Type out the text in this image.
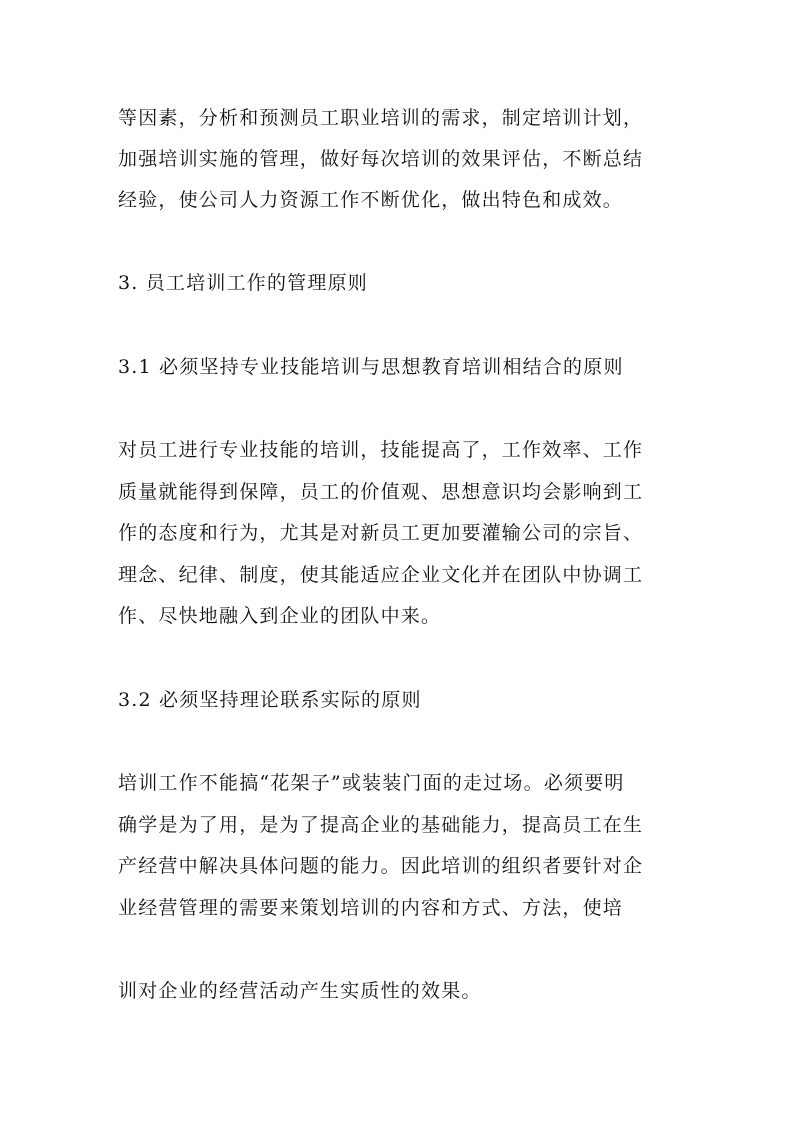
等因素，分析和预测员工职业培训的需求，制定培训计划，
加强培训实施的管理，做好每次培训的效果评估，不断总结
经验，使公司人力资源工作不断优化，做出特色和成效。
3. 员工培训工作的管理原则
3.1 必须坚持专业技能培训与思想教育培训相结合的原则
对员工进行专业技能的培训，技能提高了，工作效率、工作
质量就能得到保障，员工的价值观、思想意识均会影响到工
作的态度和行为，尤其是对新员工更加要灌输公司的宗旨、
理念、纪律、制度，使其能适应企业文化并在团队中协调工
作、尽快地融入到企业的团队中来。
3.2 必须坚持理论联系实际的原则
培训工作不能搞“花架子”或装装门面的走过场。必须要明
确学是为了用，是为了提高企业的基础能力，提高员工在生
产经营中解决具体问题的能力。因此培训的组织者要针对企
业经营管理的需要来策划培训的内容和方式、方法，使培
训对企业的经营活动产生实质性的效果。
